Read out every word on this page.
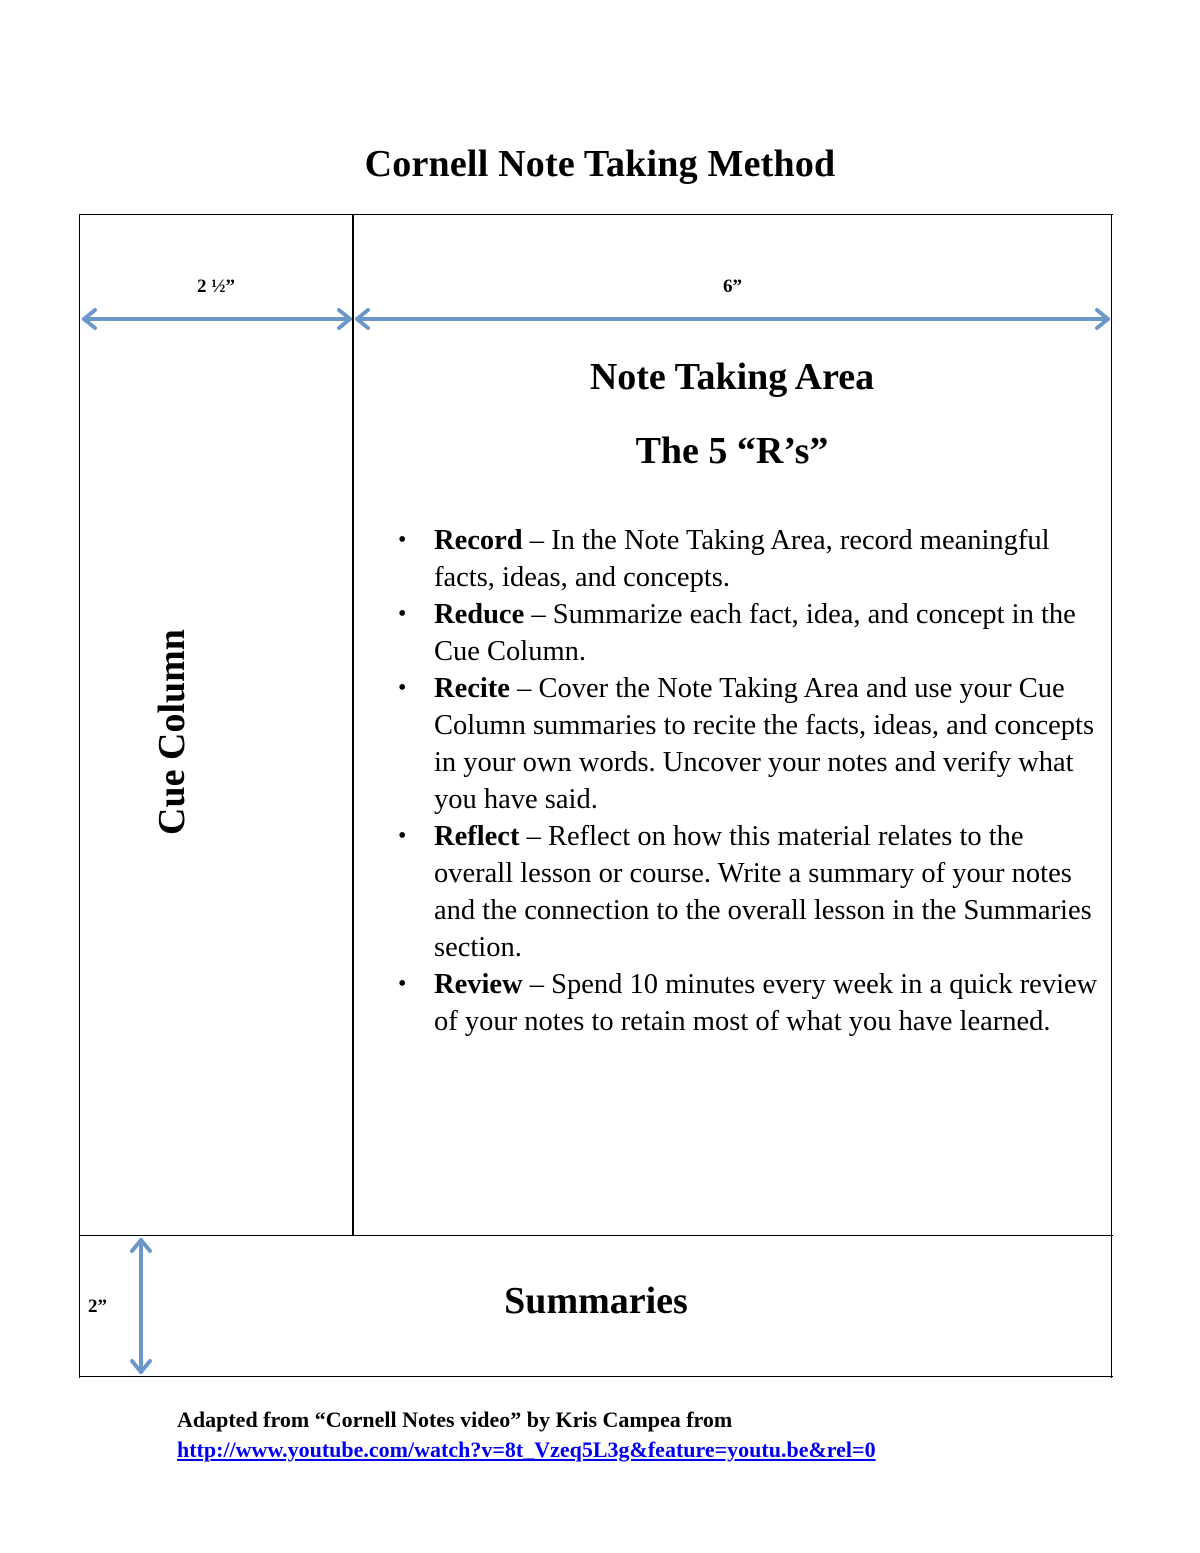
Cornell Note Taking Method
2 ½”	6”
2”
Cue Column
Note Taking Area
The 5 “R’s”
• Record – In the Note Taking Area, record meaningful facts, ideas, and concepts.
• Reduce – Summarize each fact, idea, and concept in the Cue Column.
• Recite – Cover the Note Taking Area and use your Cue Column summaries to recite the facts, ideas, and concepts in your own words. Uncover your notes and verify what you have said.
• Reflect – Reflect on how this material relates to the overall lesson or course. Write a summary of your notes and the connection to the overall lesson in the Summaries section.
• Review – Spend 10 minutes every week in a quick review of your notes to retain most of what you have learned.
Summaries
Adapted from “Cornell Notes video” by Kris Campea from
http://www.youtube.com/watch?v=8t_Vzeq5L3g&feature=youtu.be&rel=0
